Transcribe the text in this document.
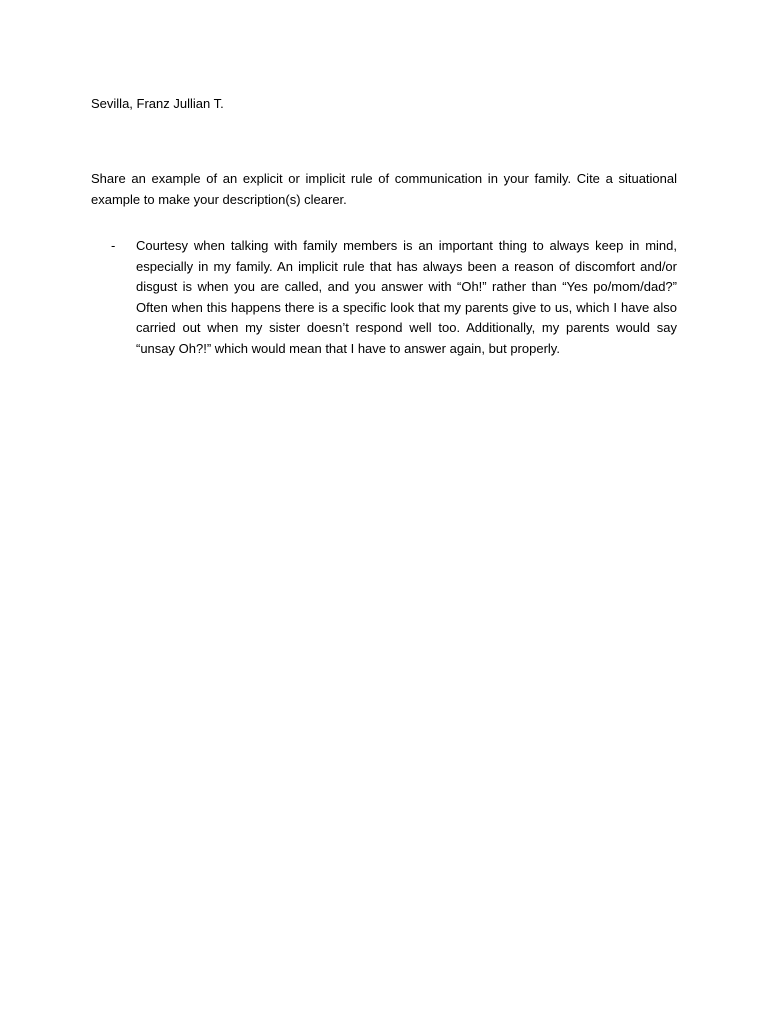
Sevilla, Franz Jullian T.

Share an example of an explicit or implicit rule of communication in your family. Cite a situational example to make your description(s) clearer.

-	Courtesy when talking with family members is an important thing to always keep in mind, especially in my family. An implicit rule that has always been a reason of discomfort and/or disgust is when you are called, and you answer with “Oh!” rather than “Yes po/mom/dad?” Often when this happens there is a specific look that my parents give to us, which I have also carried out when my sister doesn’t respond well too. Additionally, my parents would say “unsay Oh?!” which would mean that I have to answer again, but properly.
